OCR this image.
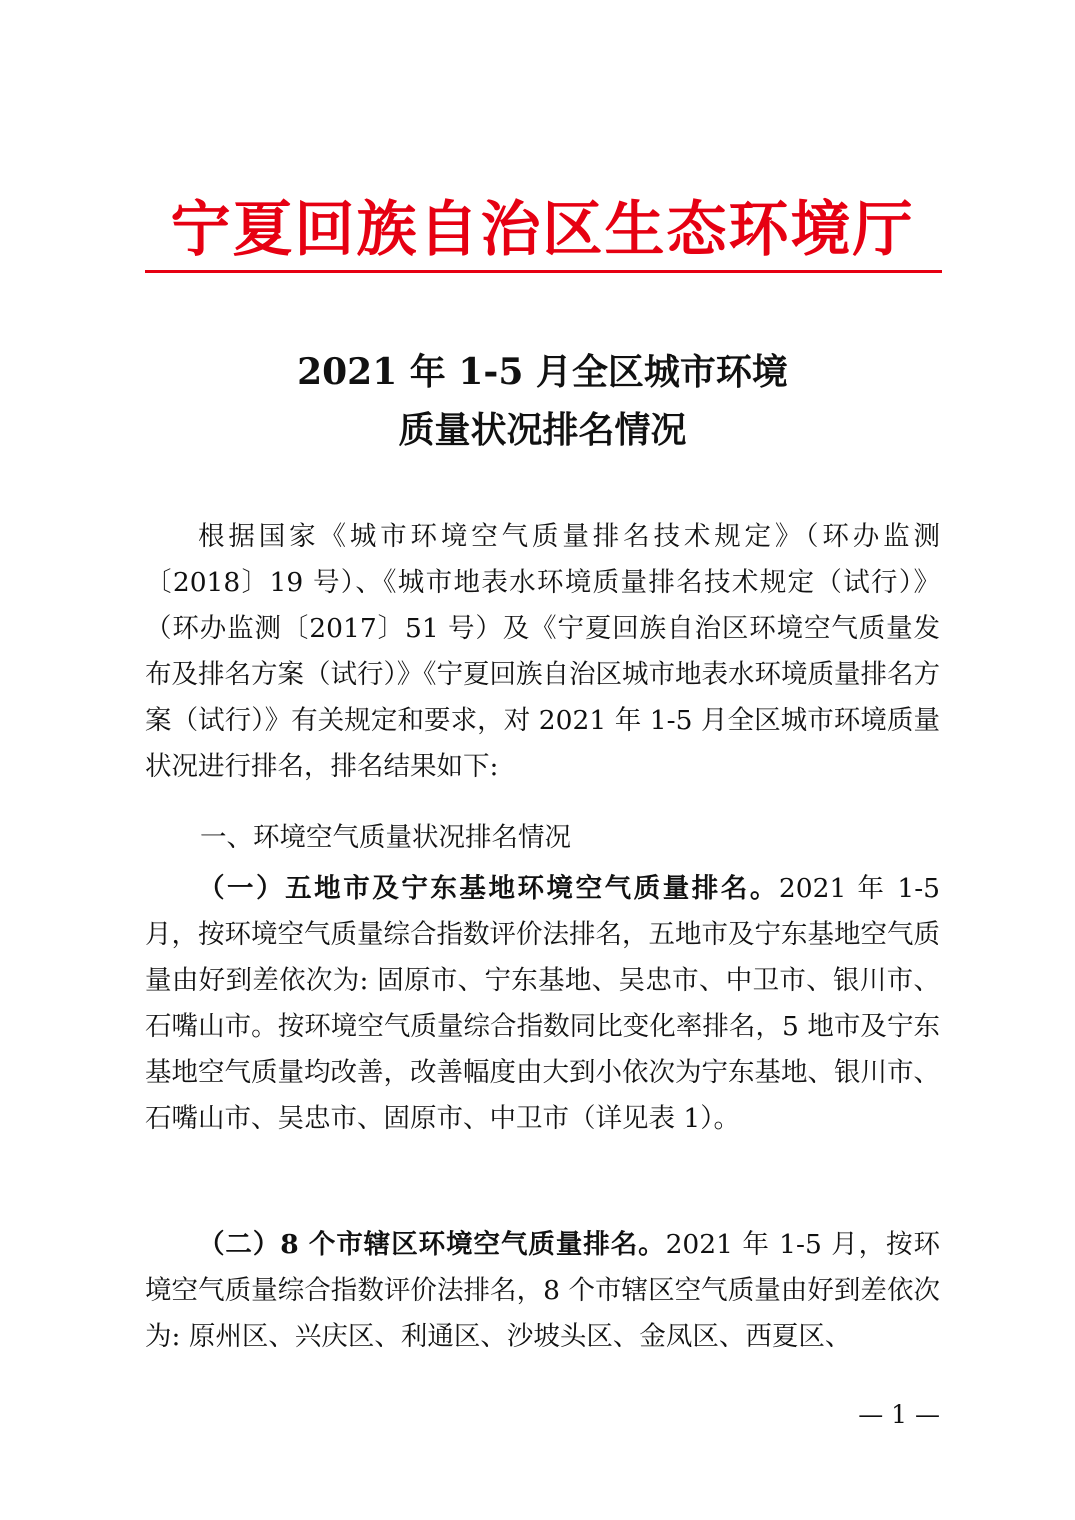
宁夏回族自治区生态环境厅
2021 年 1-5 月全区城市环境
质量状况排名情况

根据国家《城市环境空气质量排名技术规定》（环办监测〔2018〕19 号）、《城市地表水环境质量排名技术规定（试行）》（环办监测〔2017〕51 号）及《宁夏回族自治区环境空气质量发布及排名方案（试行）》《宁夏回族自治区城市地表水环境质量排名方案（试行）》有关规定和要求，对 2021 年 1-5 月全区城市环境质量状况进行排名，排名结果如下:

一、环境空气质量状况排名情况

（一）五地市及宁东基地环境空气质量排名。2021 年 1-5 月，按环境空气质量综合指数评价法排名，五地市及宁东基地空气质量由好到差依次为: 固原市、宁东基地、吴忠市、中卫市、银川市、石嘴山市。按环境空气质量综合指数同比变化率排名，5 地市及宁东基地空气质量均改善，改善幅度由大到小依次为宁东基地、银川市、石嘴山市、吴忠市、固原市、中卫市（详见表 1）。

（二）8 个市辖区环境空气质量排名。2021 年 1-5 月，按环境空气质量综合指数评价法排名，8 个市辖区空气质量由好到差依次为: 原州区、兴庆区、利通区、沙坡头区、金凤区、西夏区、

— 1 —
